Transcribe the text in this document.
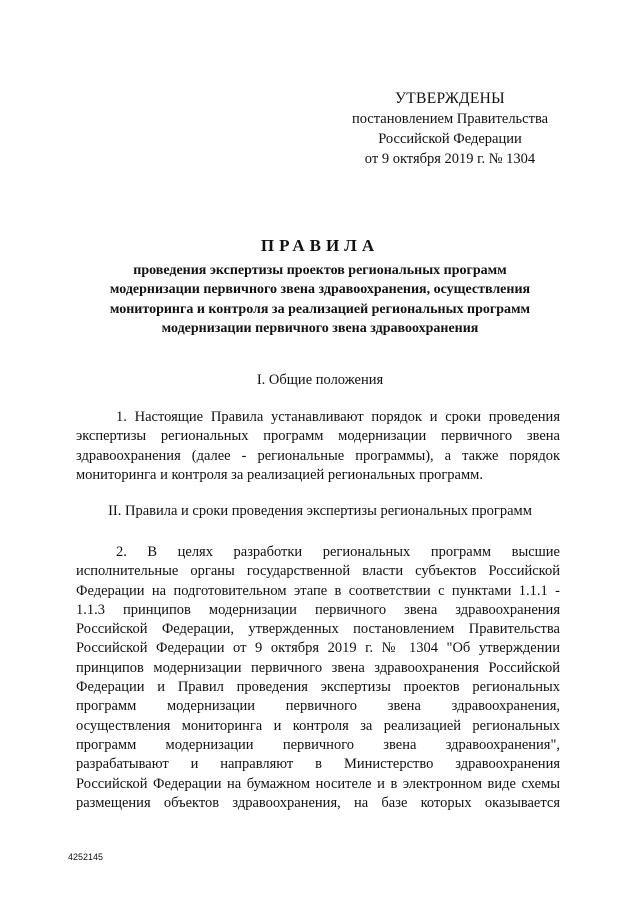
УТВЕРЖДЕНЫ
постановлением Правительства
Российской Федерации
от 9 октября 2019 г. № 1304
ПРАВИЛА
проведения экспертизы проектов региональных программ
модернизации первичного звена здравоохранения, осуществления
мониторинга и контроля за реализацией региональных программ
модернизации первичного звена здравоохранения
I. Общие положения
1. Настоящие Правила устанавливают порядок и сроки проведения
экспертизы региональных программ модернизации первичного звена
здравоохранения (далее - региональные программы), а также порядок
мониторинга и контроля за реализацией региональных программ.
II. Правила и сроки проведения экспертизы региональных программ
2. В целях разработки региональных программ высшие
исполнительные органы государственной власти субъектов Российской
Федерации на подготовительном этапе в соответствии с пунктами 1.1.1 -
1.1.3 принципов модернизации первичного звена здравоохранения
Российской Федерации, утвержденных постановлением Правительства
Российской Федерации от 9 октября 2019 г. № 1304 "Об утверждении
принципов модернизации первичного звена здравоохранения Российской
Федерации и Правил проведения экспертизы проектов региональных
программ модернизации первичного звена здравоохранения,
осуществления мониторинга и контроля за реализацией региональных
программ модернизации первичного звена здравоохранения",
разрабатывают и направляют в Министерство здравоохранения
Российской Федерации на бумажном носителе и в электронном виде схемы
размещения объектов здравоохранения, на базе которых оказывается
4252145
